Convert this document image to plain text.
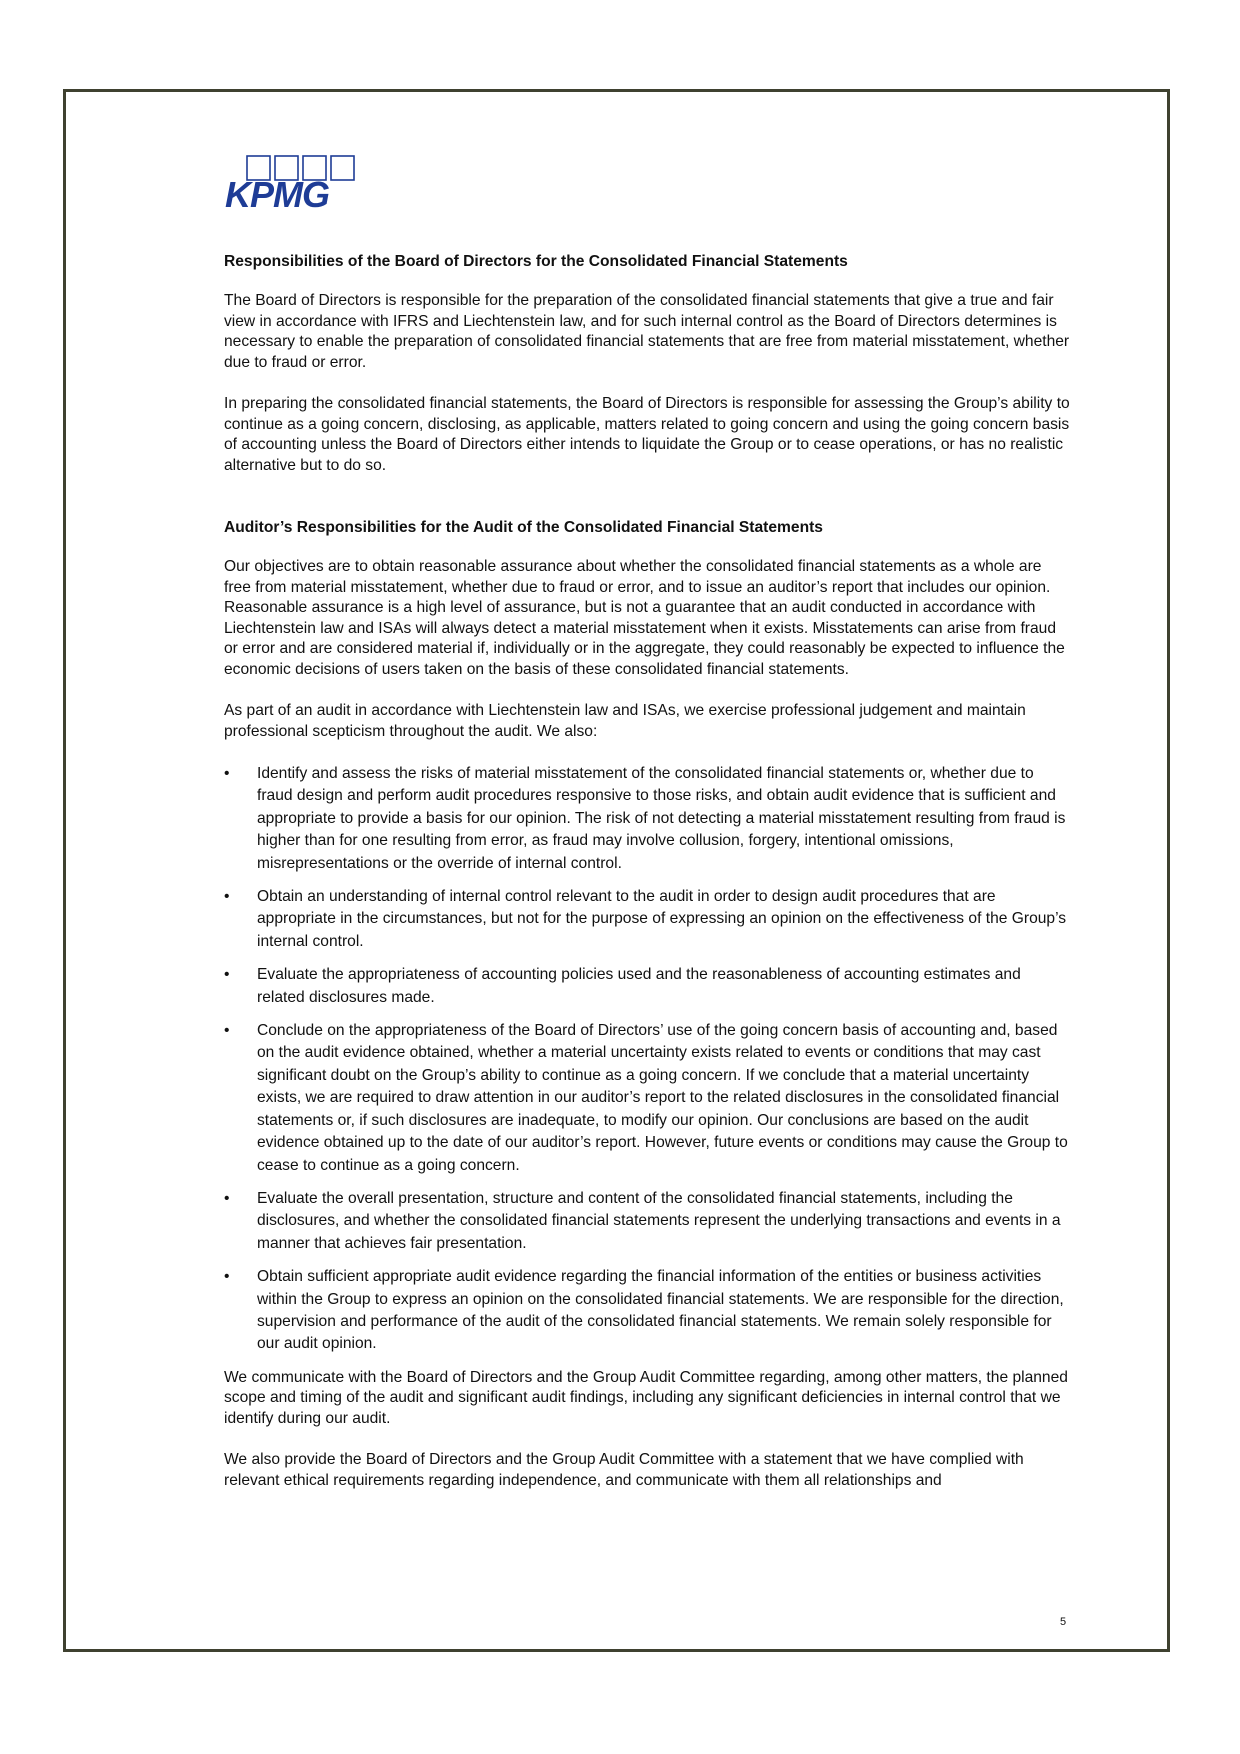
KPMG
Responsibilities of the Board of Directors for the Consolidated Financial Statements

The Board of Directors is responsible for the preparation of the consolidated financial statements that give a true and fair view in accordance with IFRS and Liechtenstein law, and for such internal control as the Board of Directors determines is necessary to enable the preparation of consolidated financial statements that are free from material misstatement, whether due to fraud or error.

In preparing the consolidated financial statements, the Board of Directors is responsible for assessing the Group’s ability to continue as a going concern, disclosing, as applicable, matters related to going concern and using the going concern basis of accounting unless the Board of Directors either intends to liquidate the Group or to cease operations, or has no realistic alternative but to do so.

Auditor’s Responsibilities for the Audit of the Consolidated Financial Statements

Our objectives are to obtain reasonable assurance about whether the consolidated financial statements as a whole are free from material misstatement, whether due to fraud or error, and to issue an auditor’s report that includes our opinion. Reasonable assurance is a high level of assurance, but is not a guarantee that an audit conducted in accordance with Liechtenstein law and ISAs will always detect a material misstatement when it exists. Misstatements can arise from fraud or error and are considered material if, individually or in the aggregate, they could reasonably be expected to influence the economic decisions of users taken on the basis of these consolidated financial statements.

As part of an audit in accordance with Liechtenstein law and ISAs, we exercise professional judgement and maintain professional scepticism throughout the audit. We also:

• Identify and assess the risks of material misstatement of the consolidated financial statements or, whether due to fraud design and perform audit procedures responsive to those risks, and obtain audit evidence that is sufficient and appropriate to provide a basis for our opinion. The risk of not detecting a material misstatement resulting from fraud is higher than for one resulting from error, as fraud may involve collusion, forgery, intentional omissions, misrepresentations or the override of internal control.
• Obtain an understanding of internal control relevant to the audit in order to design audit procedures that are appropriate in the circumstances, but not for the purpose of expressing an opinion on the effectiveness of the Group’s internal control.
• Evaluate the appropriateness of accounting policies used and the reasonableness of accounting estimates and related disclosures made.
• Conclude on the appropriateness of the Board of Directors’ use of the going concern basis of accounting and, based on the audit evidence obtained, whether a material uncertainty exists related to events or conditions that may cast significant doubt on the Group’s ability to continue as a going concern. If we conclude that a material uncertainty exists, we are required to draw attention in our auditor’s report to the related disclosures in the consolidated financial statements or, if such disclosures are inadequate, to modify our opinion. Our conclusions are based on the audit evidence obtained up to the date of our auditor’s report. However, future events or conditions may cause the Group to cease to continue as a going concern.
• Evaluate the overall presentation, structure and content of the consolidated financial statements, including the disclosures, and whether the consolidated financial statements represent the underlying transactions and events in a manner that achieves fair presentation.
• Obtain sufficient appropriate audit evidence regarding the financial information of the entities or business activities within the Group to express an opinion on the consolidated financial statements. We are responsible for the direction, supervision and performance of the audit of the consolidated financial statements. We remain solely responsible for our audit opinion.

We communicate with the Board of Directors and the Group Audit Committee regarding, among other matters, the planned scope and timing of the audit and significant audit findings, including any significant deficiencies in internal control that we identify during our audit.

We also provide the Board of Directors and the Group Audit Committee with a statement that we have complied with relevant ethical requirements regarding independence, and communicate with them all relationships and

5
